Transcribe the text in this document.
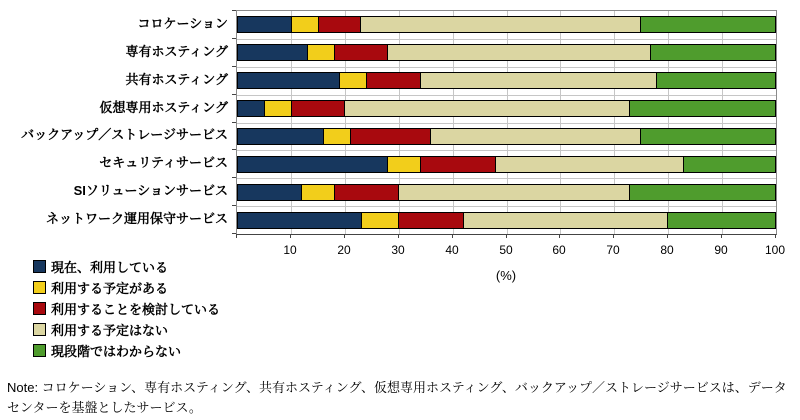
(%)
現在、利用している
利用する予定がある
利用することを検討している
利用する予定はない
現段階ではわからない
Note: コロケーション、専有ホスティング、共有ホスティング、仮想専用ホスティング、バックアップ／ストレージサービスは、データセンターを基盤としたサービス。
コロケーション
専有ホスティング
共有ホスティング
仮想専用ホスティング
バックアップ／ストレージサービス
セキュリティサービス
SIソリューションサービス
ネットワーク運用保守サービス
10	20	30	40	50	60	70	80	90	100
